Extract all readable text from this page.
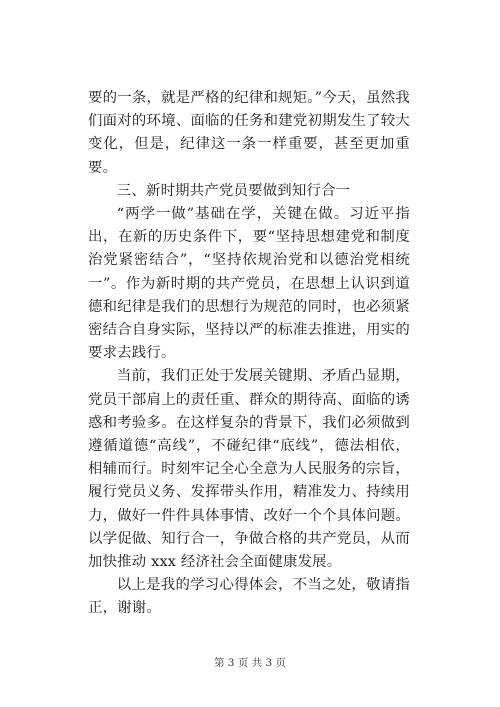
要的一条，就是严格的纪律和规矩。”今天，虽然我们面对的环境、面临的任务和建党初期发生了较大变化，但是，纪律这一条一样重要，甚至更加重要。

三、新时期共产党员要做到知行合一

“两学一做”基础在学，关键在做。习近平指出，在新的历史条件下，要“坚持思想建党和制度治党紧密结合”，“坚持依规治党和以德治党相统一”。作为新时期的共产党员，在思想上认识到道德和纪律是我们的思想行为规范的同时，也必须紧密结合自身实际，坚持以严的标准去推进，用实的要求去践行。

当前，我们正处于发展关键期、矛盾凸显期，党员干部肩上的责任重、群众的期待高、面临的诱惑和考验多。在这样复杂的背景下，我们必须做到遵循道德“高线”，不碰纪律“底线”，德法相依，相辅而行。时刻牢记全心全意为人民服务的宗旨，履行党员义务、发挥带头作用，精准发力、持续用力，做好一件件具体事情、改好一个个具体问题。以学促做、知行合一，争做合格的共产党员，从而加快推动 xxx 经济社会全面健康发展。

以上是我的学习心得体会，不当之处，敬请指正，谢谢。

第 3 页 共 3 页
